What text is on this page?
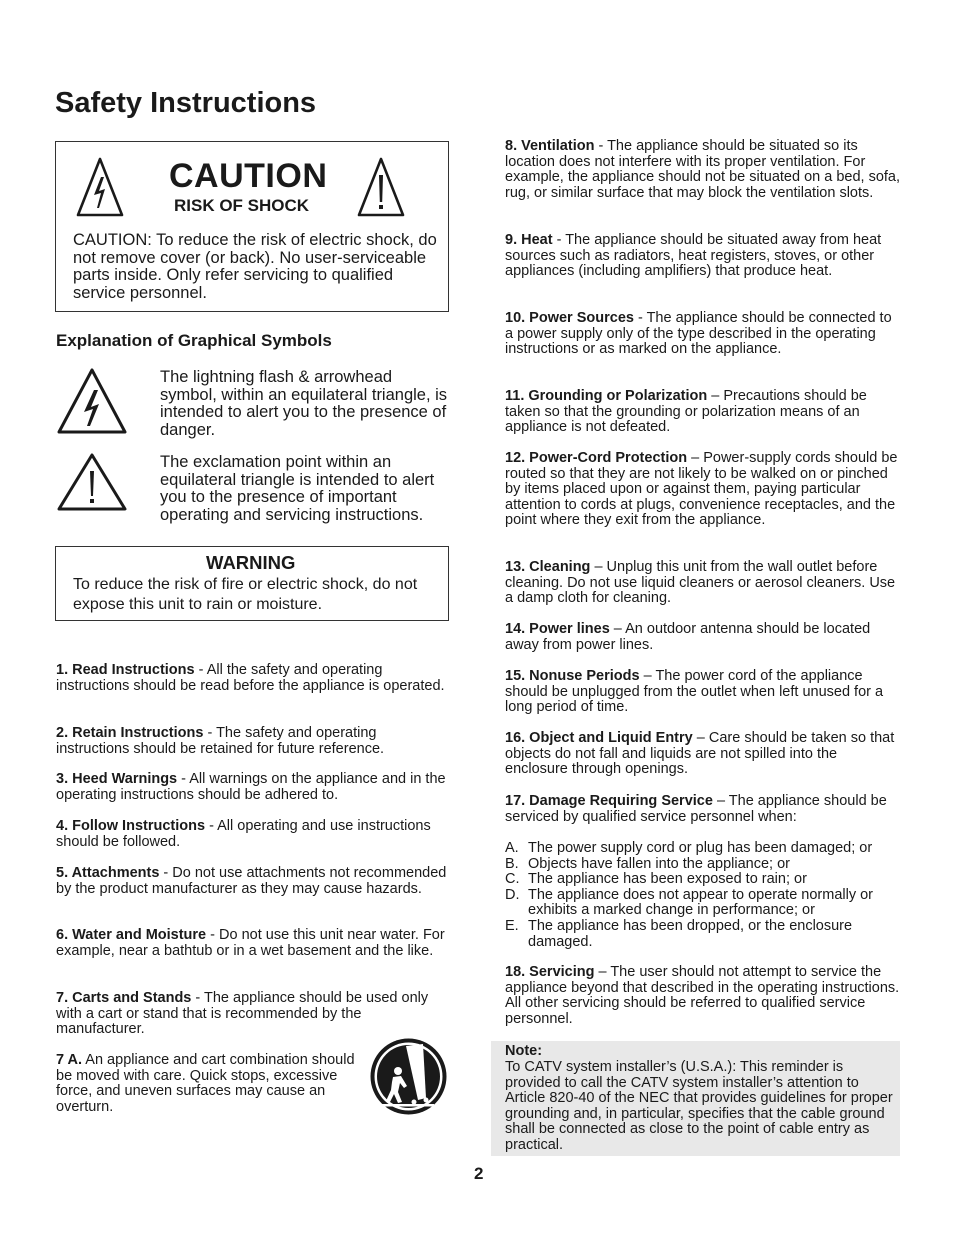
Safety Instructions
CAUTION
RISK OF SHOCK
CAUTION: To reduce the risk of electric shock, do not remove cover (or back). No user-serviceable parts inside. Only refer servicing to qualified service personnel.
Explanation of Graphical Symbols
The lightning flash & arrowhead symbol, within an equilateral triangle, is intended to alert you to the presence of danger.
The exclamation point within an equilateral triangle is intended to alert you to the presence of important operating and servicing instructions.
WARNING
To reduce the risk of fire or electric shock, do not expose this unit to rain or moisture.
1. Read Instructions - All the safety and operating instructions should be read before the appliance is operated.
2. Retain Instructions - The safety and operating instructions should be retained for future reference.
3. Heed Warnings - All warnings on the appliance and in the operating instructions should be adhered to.
4. Follow Instructions - All operating and use instructions should be followed.
5. Attachments - Do not use attachments not recommended by the product manufacturer as they may cause hazards.
6. Water and Moisture - Do not use this unit near water. For example, near a bathtub or in a wet basement and the like.
7. Carts and Stands - The appliance should be used only with a cart or stand that is recommended by the manufacturer.
7 A. An appliance and cart combination should be moved with care. Quick stops, excessive force, and uneven surfaces may cause an overturn.
8. Ventilation - The appliance should be situated so its location does not interfere with its proper ventilation. For example, the appliance should not be situated on a bed, sofa, rug, or similar surface that may block the ventilation slots.
9. Heat - The appliance should be situated away from heat sources such as radiators, heat registers, stoves, or other appliances (including amplifiers) that produce heat.
10. Power Sources - The appliance should be connected to a power supply only of the type described in the operating instructions or as marked on the appliance.
11. Grounding or Polarization – Precautions should be taken so that the grounding or polarization means of an appliance is not defeated.
12. Power-Cord Protection – Power-supply cords should be routed so that they are not likely to be walked on or pinched by items placed upon or against them, paying particular attention to cords at plugs, convenience receptacles, and the point where they exit from the appliance.
13. Cleaning – Unplug this unit from the wall outlet before cleaning. Do not use liquid cleaners or aerosol cleaners. Use a damp cloth for cleaning.
14. Power lines – An outdoor antenna should be located away from power lines.
15. Nonuse Periods – The power cord of the appliance should be unplugged from the outlet when left unused for a long period of time.
16. Object and Liquid Entry – Care should be taken so that objects do not fall and liquids are not spilled into the enclosure through openings.
17. Damage Requiring Service – The appliance should be serviced by qualified service personnel when:
A. The power supply cord or plug has been damaged; or
B. Objects have fallen into the appliance; or
C. The appliance has been exposed to rain; or
D. The appliance does not appear to operate normally or exhibits a marked change in performance; or
E. The appliance has been dropped, or the enclosure damaged.
18. Servicing – The user should not attempt to service the appliance beyond that described in the operating instructions. All other servicing should be referred to qualified service personnel.
Note:
To CATV system installer’s (U.S.A.): This reminder is provided to call the CATV system installer’s attention to Article 820-40 of the NEC that provides guidelines for proper grounding and, in particular, specifies that the cable ground shall be connected as close to the point of cable entry as practical.
2
